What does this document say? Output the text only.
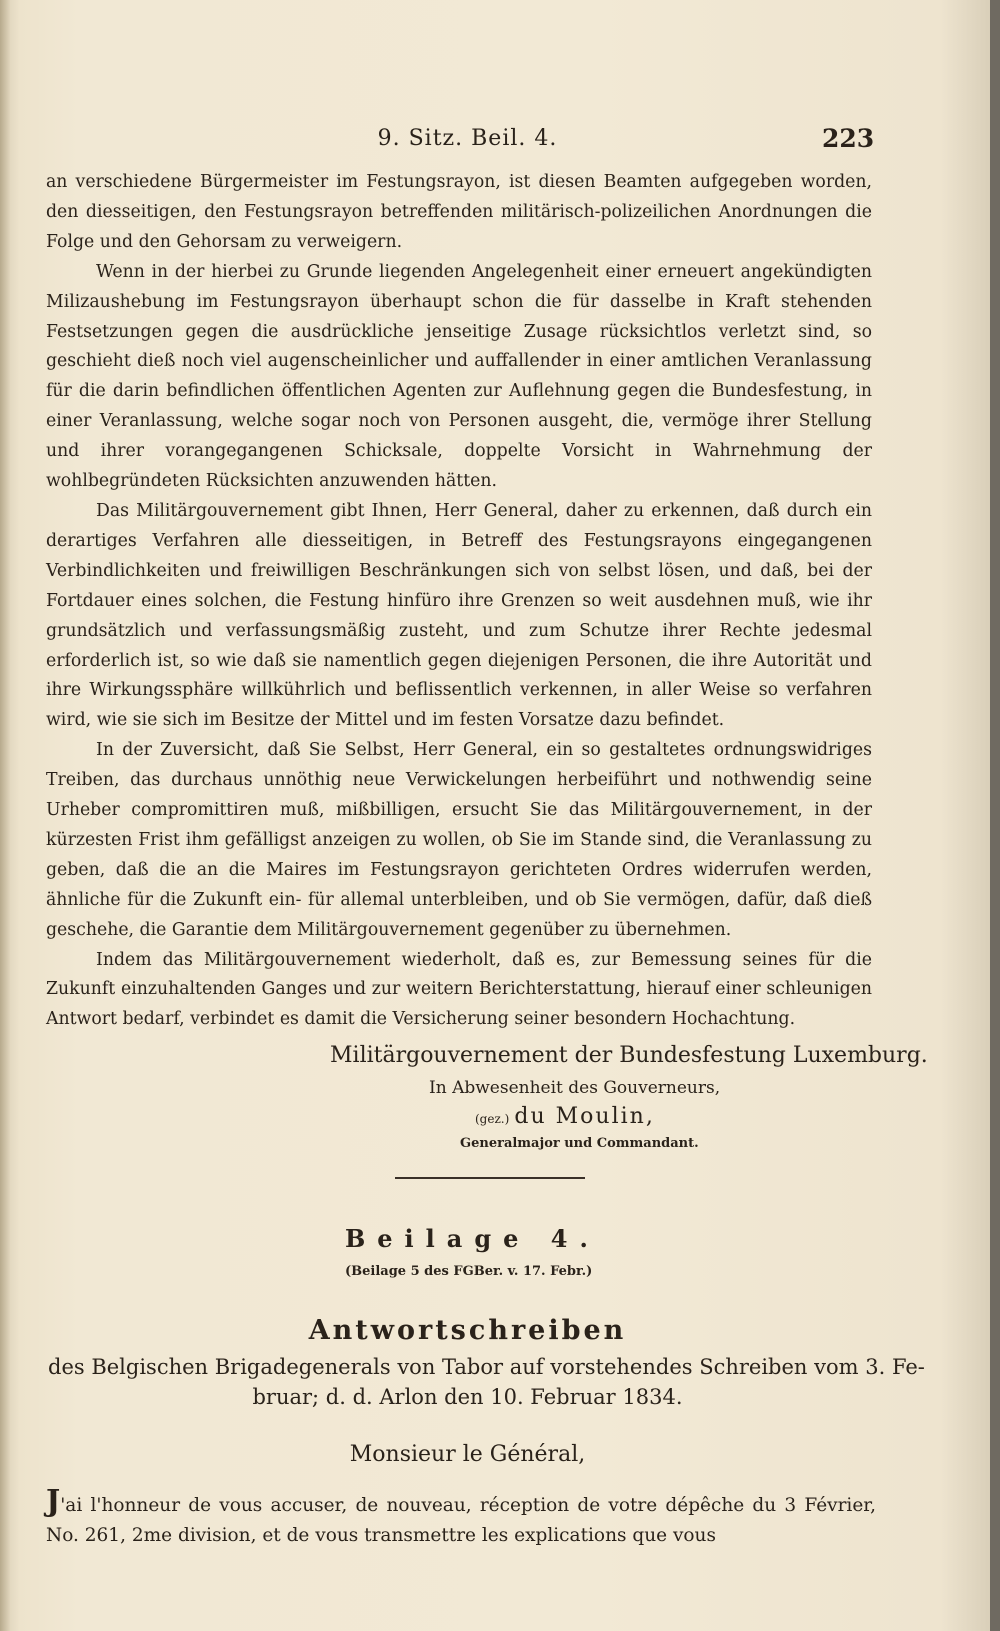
9. Sitz. Beil. 4.	223

an verschiedene Bürgermeister im Festungsrayon, ist diesen Beamten aufgegeben worden, den diesseitigen, den Festungsrayon betreffenden militärisch-polizeilichen Anordnungen die Folge und den Gehorsam zu verweigern.

Wenn in der hierbei zu Grunde liegenden Angelegenheit einer erneuert angekündigten Milizaushebung im Festungsrayon überhaupt schon die für dasselbe in Kraft stehenden Festsetzungen gegen die ausdrückliche jenseitige Zusage rücksichtlos verletzt sind, so geschieht dieß noch viel augenscheinlicher und auffallender in einer amtlichen Veranlassung für die darin befindlichen öffentlichen Agenten zur Auflehnung gegen die Bundesfestung, in einer Veranlassung, welche sogar noch von Personen ausgeht, die, vermöge ihrer Stellung und ihrer vorangegangenen Schicksale, doppelte Vorsicht in Wahrnehmung der wohlbegründeten Rücksichten anzuwenden hätten.

Das Militärgouvernement gibt Ihnen, Herr General, daher zu erkennen, daß durch ein derartiges Verfahren alle diesseitigen, in Betreff des Festungsrayons eingegangenen Verbindlichkeiten und freiwilligen Beschränkungen sich von selbst lösen, und daß, bei der Fortdauer eines solchen, die Festung hinfüro ihre Grenzen so weit ausdehnen muß, wie ihr grundsätzlich und verfassungsmäßig zusteht, und zum Schutze ihrer Rechte jedesmal erforderlich ist, so wie daß sie namentlich gegen diejenigen Personen, die ihre Autorität und ihre Wirkungssphäre willkührlich und beflissentlich verkennen, in aller Weise so verfahren wird, wie sie sich im Besitze der Mittel und im festen Vorsatze dazu befindet.

In der Zuversicht, daß Sie Selbst, Herr General, ein so gestaltetes ordnungswidriges Treiben, das durchaus unnöthig neue Verwickelungen herbeiführt und nothwendig seine Urheber compromittiren muß, mißbilligen, ersucht Sie das Militärgouvernement, in der kürzesten Frist ihm gefälligst anzeigen zu wollen, ob Sie im Stande sind, die Veranlassung zu geben, daß die an die Maires im Festungsrayon gerichteten Ordres widerrufen werden, ähnliche für die Zukunft ein- für allemal unterbleiben, und ob Sie vermögen, dafür, daß dieß geschehe, die Garantie dem Militärgouvernement gegenüber zu übernehmen.

Indem das Militärgouvernement wiederholt, daß es, zur Bemessung seines für die Zukunft einzuhaltenden Ganges und zur weitern Berichterstattung, hierauf einer schleunigen Antwort bedarf, verbindet es damit die Versicherung seiner besondern Hochachtung.

Militärgouvernement der Bundesfestung Luxemburg.
In Abwesenheit des Gouverneurs,
(gez.) du Moulin,
Generalmajor und Commandant.
Beilage 4.
(Beilage 5 des FGBer. v. 17. Febr.)
Antwortschreiben
des Belgischen Brigadegenerals von Tabor auf vorstehendes Schreiben vom 3. Fe-
bruar; d. d. Arlon den 10. Februar 1834.
Monsieur le Général,
J'ai l'honneur de vous accuser, de nouveau, réception de votre dépêche du 3 Février, No. 261, 2me division, et de vous transmettre les explications que vous
